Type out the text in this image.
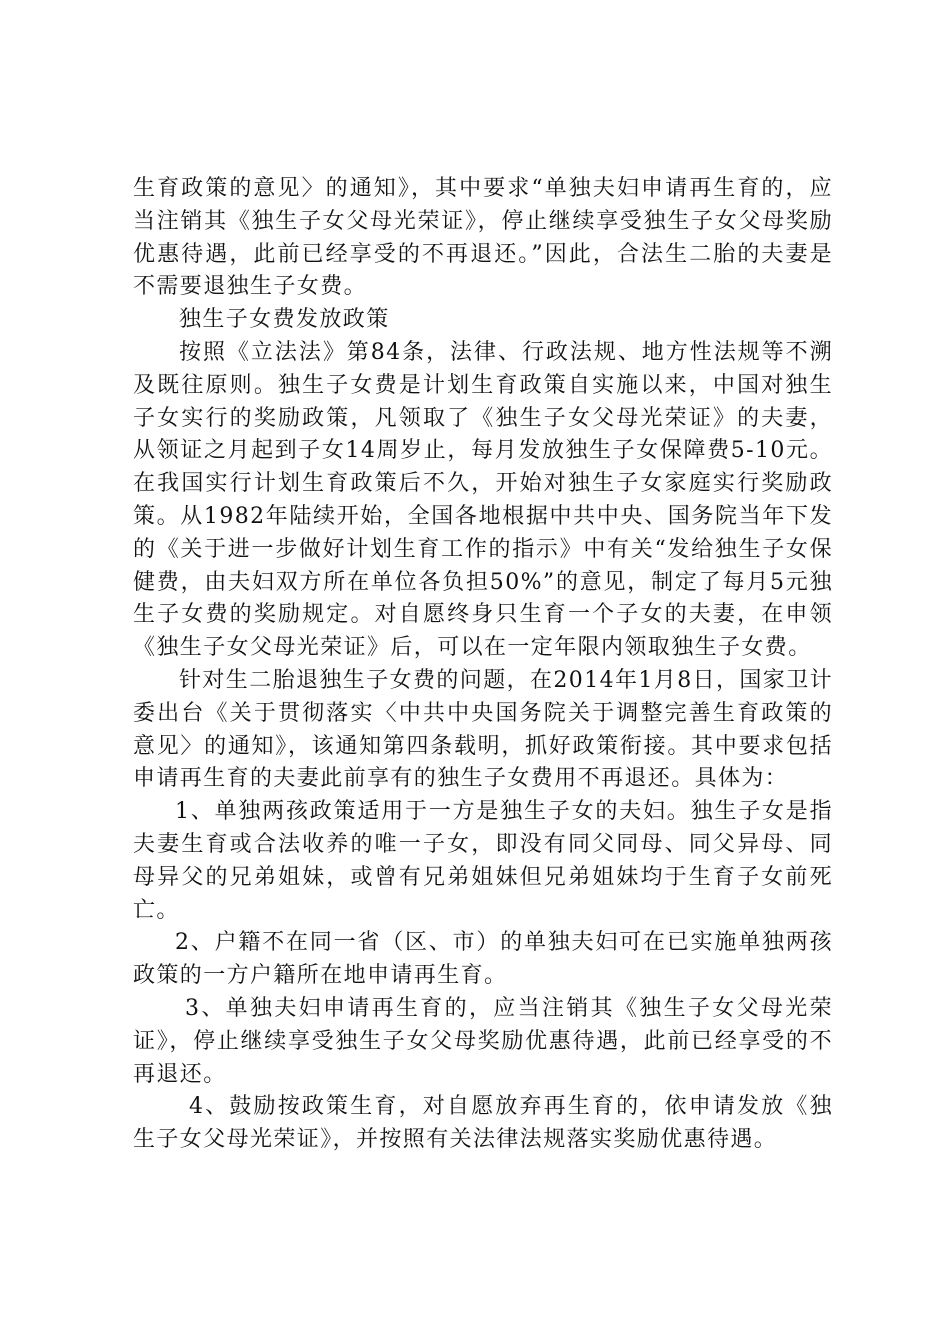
生育政策的意见〉的通知》，其中要求“单独夫妇申请再生育的，应当注销其《独生子女父母光荣证》，停止继续享受独生子女父母奖励优惠待遇，此前已经享受的不再退还。”因此，合法生二胎的夫妻是不需要退独生子女费。

独生子女费发放政策

按照《立法法》第84条，法律、行政法规、地方性法规等不溯及既往原则。独生子女费是计划生育政策自实施以来，中国对独生子女实行的奖励政策，凡领取了《独生子女父母光荣证》的夫妻，从领证之月起到子女14周岁止，每月发放独生子女保障费5-10元。在我国实行计划生育政策后不久，开始对独生子女家庭实行奖励政策。从1982年陆续开始，全国各地根据中共中央、国务院当年下发的《关于进一步做好计划生育工作的指示》中有关“发给独生子女保健费，由夫妇双方所在单位各负担50%”的意见，制定了每月5元独生子女费的奖励规定。对自愿终身只生育一个子女的夫妻，在申领《独生子女父母光荣证》后，可以在一定年限内领取独生子女费。

针对生二胎退独生子女费的问题，在2014年1月8日，国家卫计委出台《关于贯彻落实〈中共中央国务院关于调整完善生育政策的意见〉的通知》，该通知第四条载明，抓好政策衔接。其中要求包括申请再生育的夫妻此前享有的独生子女费用不再退还。具体为：

1、单独两孩政策适用于一方是独生子女的夫妇。独生子女是指夫妻生育或合法收养的唯一子女，即没有同父同母、同父异母、同母异父的兄弟姐妹，或曾有兄弟姐妹但兄弟姐妹均于生育子女前死亡。

2、户籍不在同一省（区、市）的单独夫妇可在已实施单独两孩政策的一方户籍所在地申请再生育。

3、单独夫妇申请再生育的，应当注销其《独生子女父母光荣证》，停止继续享受独生子女父母奖励优惠待遇，此前已经享受的不再退还。

4、鼓励按政策生育，对自愿放弃再生育的，依申请发放《独生子女父母光荣证》，并按照有关法律法规落实奖励优惠待遇。
